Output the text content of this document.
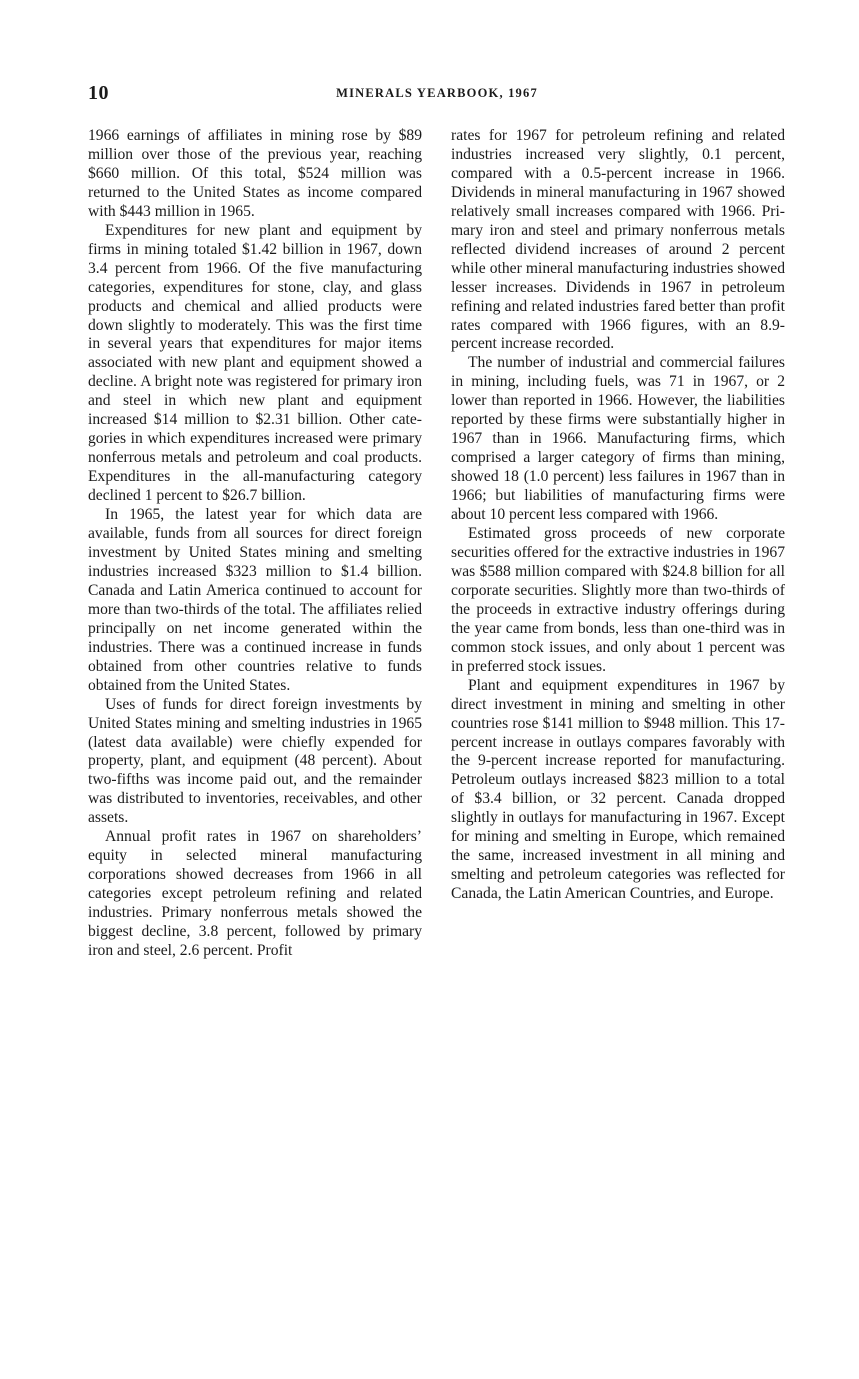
10	MINERALS YEARBOOK, 1967

1966 earnings of affiliates in mining rose by $89 million over those of the previous year, reaching $660 million. Of this total, $524 million was returned to the United States as income compared with $443 million in 1965.

Expenditures for new plant and equipment by firms in mining totaled $1.42 billion in 1967, down 3.4 percent from 1966. Of the five manufacturing categories, expenditures for stone, clay, and glass products and chemical and allied products were down slightly to moderately. This was the first time in several years that expenditures for major items associated with new plant and equipment showed a decline. A bright note was registered for primary iron and steel in which new plant and equipment increased $14 million to $2.31 billion. Other categories in which expenditures increased were primary nonferrous metals and petroleum and coal products. Expenditures in the all-manufacturing category declined 1 percent to $26.7 billion.

In 1965, the latest year for which data are available, funds from all sources for direct foreign investment by United States mining and smelting industries increased $323 million to $1.4 billion. Canada and Latin America continued to account for more than two-thirds of the total. The affiliates relied principally on net income generated within the industries. There was a continued increase in funds obtained from other countries relative to funds obtained from the United States.

Uses of funds for direct foreign investments by United States mining and smelting industries in 1965 (latest data available) were chiefly expended for property, plant, and equipment (48 percent). About two-fifths was income paid out, and the remainder was distributed to inventories, receivables, and other assets.

Annual profit rates in 1967 on shareholders’ equity in selected mineral manufacturing corporations showed decreases from 1966 in all categories except petroleum refining and related industries. Primary nonferrous metals showed the biggest decline, 3.8 percent, followed by primary iron and steel, 2.6 percent. Profit

rates for 1967 for petroleum refining and related industries increased very slightly, 0.1 percent, compared with a 0.5-percent increase in 1966. Dividends in mineral manufacturing in 1967 showed relatively small increases compared with 1966. Primary iron and steel and primary nonferrous metals reflected dividend increases of around 2 percent while other mineral manufacturing industries showed lesser increases. Dividends in 1967 in petroleum refining and related industries fared better than profit rates compared with 1966 figures, with an 8.9-percent increase recorded.

The number of industrial and commercial failures in mining, including fuels, was 71 in 1967, or 2 lower than reported in 1966. However, the liabilities reported by these firms were substantially higher in 1967 than in 1966. Manufacturing firms, which comprised a larger category of firms than mining, showed 18 (1.0 percent) less failures in 1967 than in 1966; but liabilities of manufacturing firms were about 10 percent less compared with 1966.

Estimated gross proceeds of new corporate securities offered for the extractive industries in 1967 was $588 million compared with $24.8 billion for all corporate securities. Slightly more than two-thirds of the proceeds in extractive industry offerings during the year came from bonds, less than one-third was in common stock issues, and only about 1 percent was in preferred stock issues.

Plant and equipment expenditures in 1967 by direct investment in mining and smelting in other countries rose $141 million to $948 million. This 17-percent increase in outlays compares favorably with the 9-percent increase reported for manufacturing. Petroleum outlays increased $823 million to a total of $3.4 billion, or 32 percent. Canada dropped slightly in outlays for manufacturing in 1967. Except for mining and smelting in Europe, which remained the same, increased investment in all mining and smelting and petroleum categories was reflected for Canada, the Latin American Countries, and Europe.
